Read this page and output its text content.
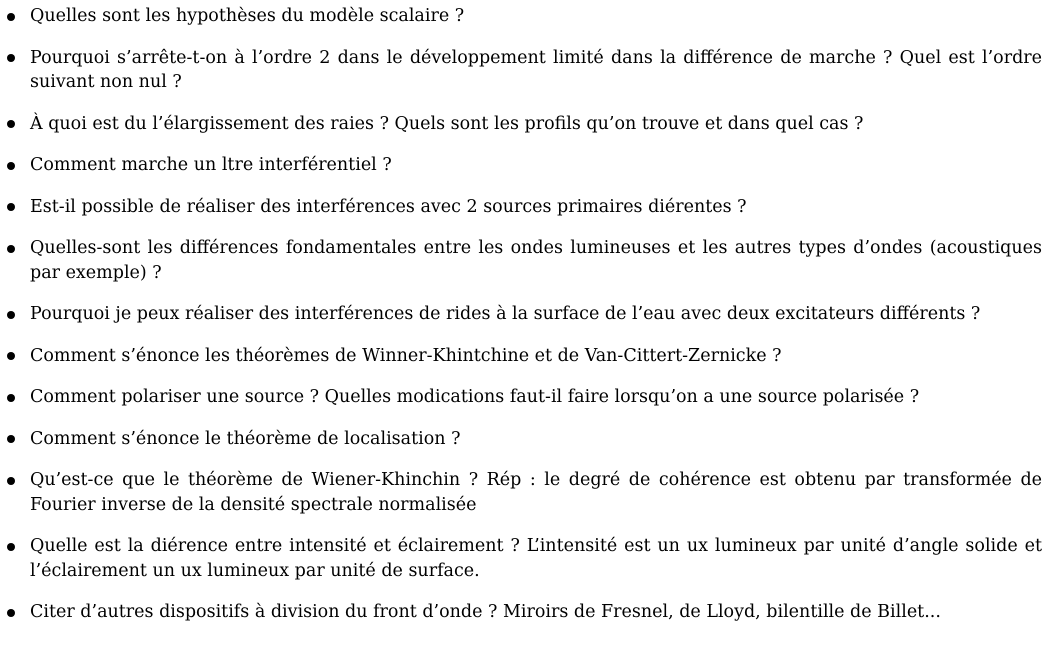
Quelles sont les hypothèses du modèle scalaire ?
Pourquoi s’arrête-t-on à l’ordre 2 dans le développement limité dans la différence de marche ? Quel est l’ordre suivant non nul ?
À quoi est du l’élargissement des raies ? Quels sont les profils qu’on trouve et dans quel cas ?
Comment marche un ltre interférentiel ?
Est-il possible de réaliser des interférences avec 2 sources primaires diérentes ?
Quelles-sont les différences fondamentales entre les ondes lumineuses et les autres types d’ondes (acoustiques par exemple) ?
Pourquoi je peux réaliser des interférences de rides à la surface de l’eau avec deux excitateurs différents ?
Comment s’énonce les théorèmes de Winner-Khintchine et de Van-Cittert-Zernicke ?
Comment polariser une source ? Quelles modications faut-il faire lorsqu’on a une source polarisée ?
Comment s’énonce le théorème de localisation ?
Qu’est-ce que le théorème de Wiener-Khinchin ? Rép : le degré de cohérence est obtenu par transformée de Fourier inverse de la densité spectrale normalisée
Quelle est la diérence entre intensité et éclairement ? L’intensité est un ux lumineux par unité d’angle solide et l’éclairement un ux lumineux par unité de surface.
Citer d’autres dispositifs à division du front d’onde ? Miroirs de Fresnel, de Lloyd, bilentille de Billet...
